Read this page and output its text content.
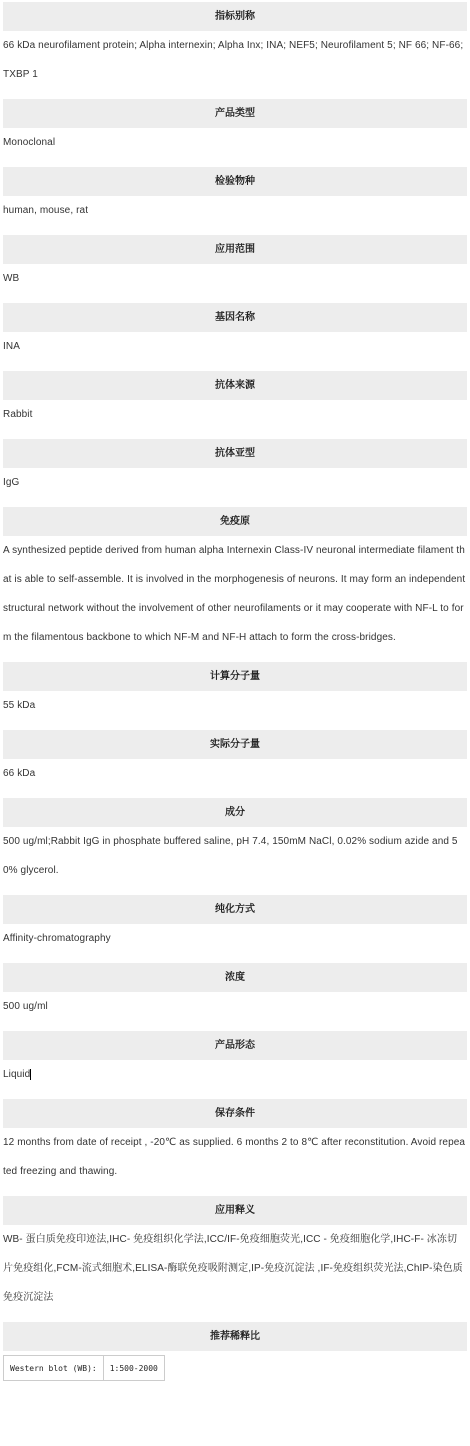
指标别称
66 kDa neurofilament protein; Alpha internexin; Alpha Inx; INA; NEF5; Neurofilament 5; NF 66; NF-66; TXBP 1
产品类型
Monoclonal
检验物种
human, mouse, rat
应用范围
WB
基因名称
INA
抗体来源
Rabbit
抗体亚型
IgG
免疫原
A synthesized peptide derived from human alpha Internexin Class-IV neuronal intermediate filament that is able to self-assemble. It is involved in the morphogenesis of neurons. It may form an independent structural network without the involvement of other neurofilaments or it may cooperate with NF-L to form the filamentous backbone to which NF-M and NF-H attach to form the cross-bridges.
计算分子量
55 kDa
实际分子量
66 kDa
成分
500 ug/ml;Rabbit IgG in phosphate buffered saline, pH 7.4, 150mM NaCl, 0.02% sodium azide and 50% glycerol.
纯化方式
Affinity-chromatography
浓度
500 ug/ml
产品形态
Liquid
保存条件
12 months from date of receipt , -20℃ as supplied. 6 months 2 to 8℃ after reconstitution. Avoid repeated freezing and thawing.
应用释义
WB- 蛋白质免疫印迹法,IHC- 免疫组织化学法,ICC/IF-免疫细胞荧光,ICC - 免疫细胞化学,IHC-F- 冰冻切片免疫组化,FCM-流式细胞术,ELISA-酶联免疫吸附测定,IP-免疫沉淀法 ,IF-免疫组织荧光法,ChIP-染色质免疫沉淀法
推荐稀释比
Western blot (WB):	1:500-2000
